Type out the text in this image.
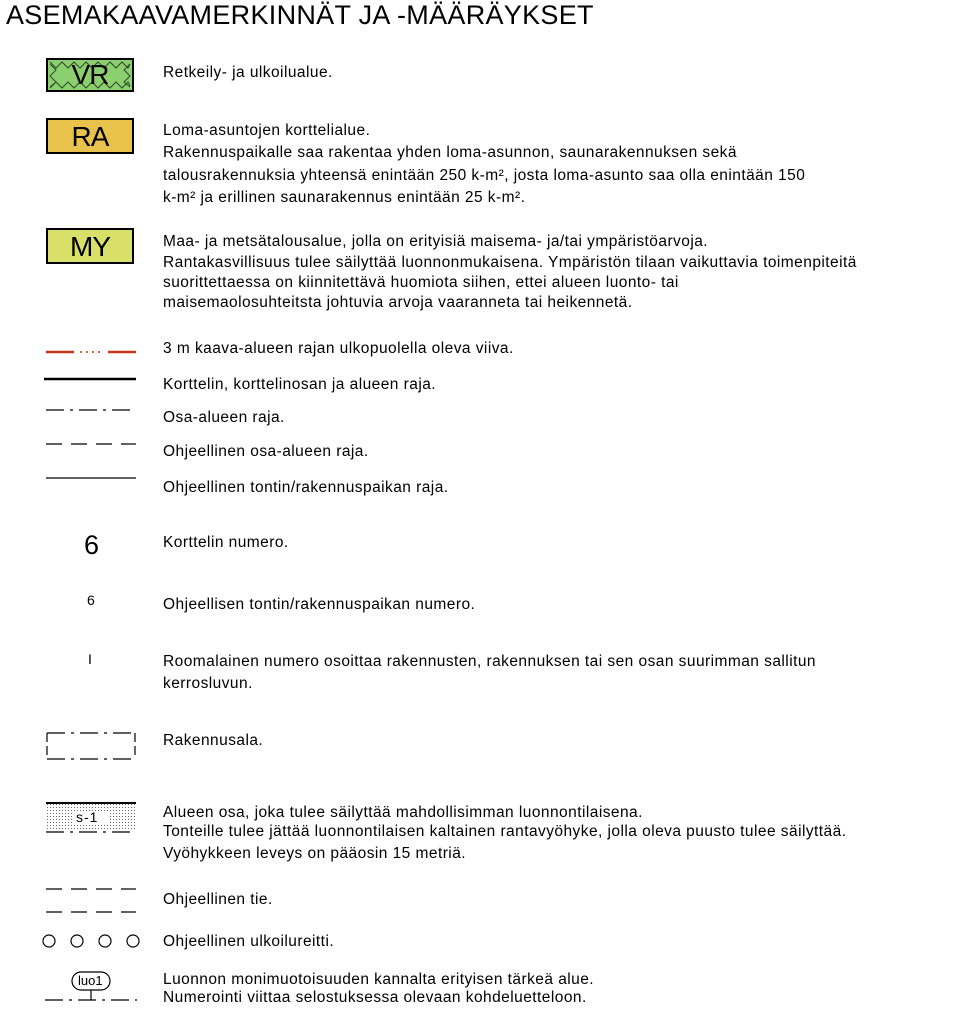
ASEMAKAAVAMERKINNÄT JA -MÄÄRÄYKSET
VR	Retkeily- ja ulkoilualue.
RA	Loma-asuntojen korttelialue.
Rakennuspaikalle saa rakentaa yhden loma-asunnon, saunarakennuksen sekä
talousrakennuksia yhteensä enintään 250 k-m², josta loma-asunto saa olla enintään 150
k-m² ja erillinen saunarakennus enintään 25 k-m².
MY	Maa- ja metsätalousalue, jolla on erityisiä maisema- ja/tai ympäristöarvoja.
Rantakasvillisuus tulee säilyttää luonnonmukaisena. Ympäristön tilaan vaikuttavia toimenpiteitä
suorittettaessa on kiinnitettävä huomiota siihen, ettei alueen luonto- tai
maisemaolosuhteitsta johtuvia arvoja vaaranneta tai heikennetä.
3 m kaava-alueen rajan ulkopuolella oleva viiva.
Korttelin, korttelinosan ja alueen raja.
Osa-alueen raja.
Ohjeellinen osa-alueen raja.
Ohjeellinen tontin/rakennuspaikan raja.
6	Korttelin numero.
6	Ohjeellisen tontin/rakennuspaikan numero.
I	Roomalainen numero osoittaa rakennusten, rakennuksen tai sen osan suurimman sallitun
kerrosluvun.
Rakennusala.
s-1	Alueen osa, joka tulee säilyttää mahdollisimman luonnontilaisena.
Tonteille tulee jättää luonnontilaisen kaltainen rantavyöhyke, jolla oleva puusto tulee säilyttää.
Vyöhykkeen leveys on pääosin 15 metriä.
Ohjeellinen tie.
Ohjeellinen ulkoilureitti.
luo1	Luonnon monimuotoisuuden kannalta erityisen tärkeä alue.
Numerointi viittaa selostuksessa olevaan kohdeluetteloon.
